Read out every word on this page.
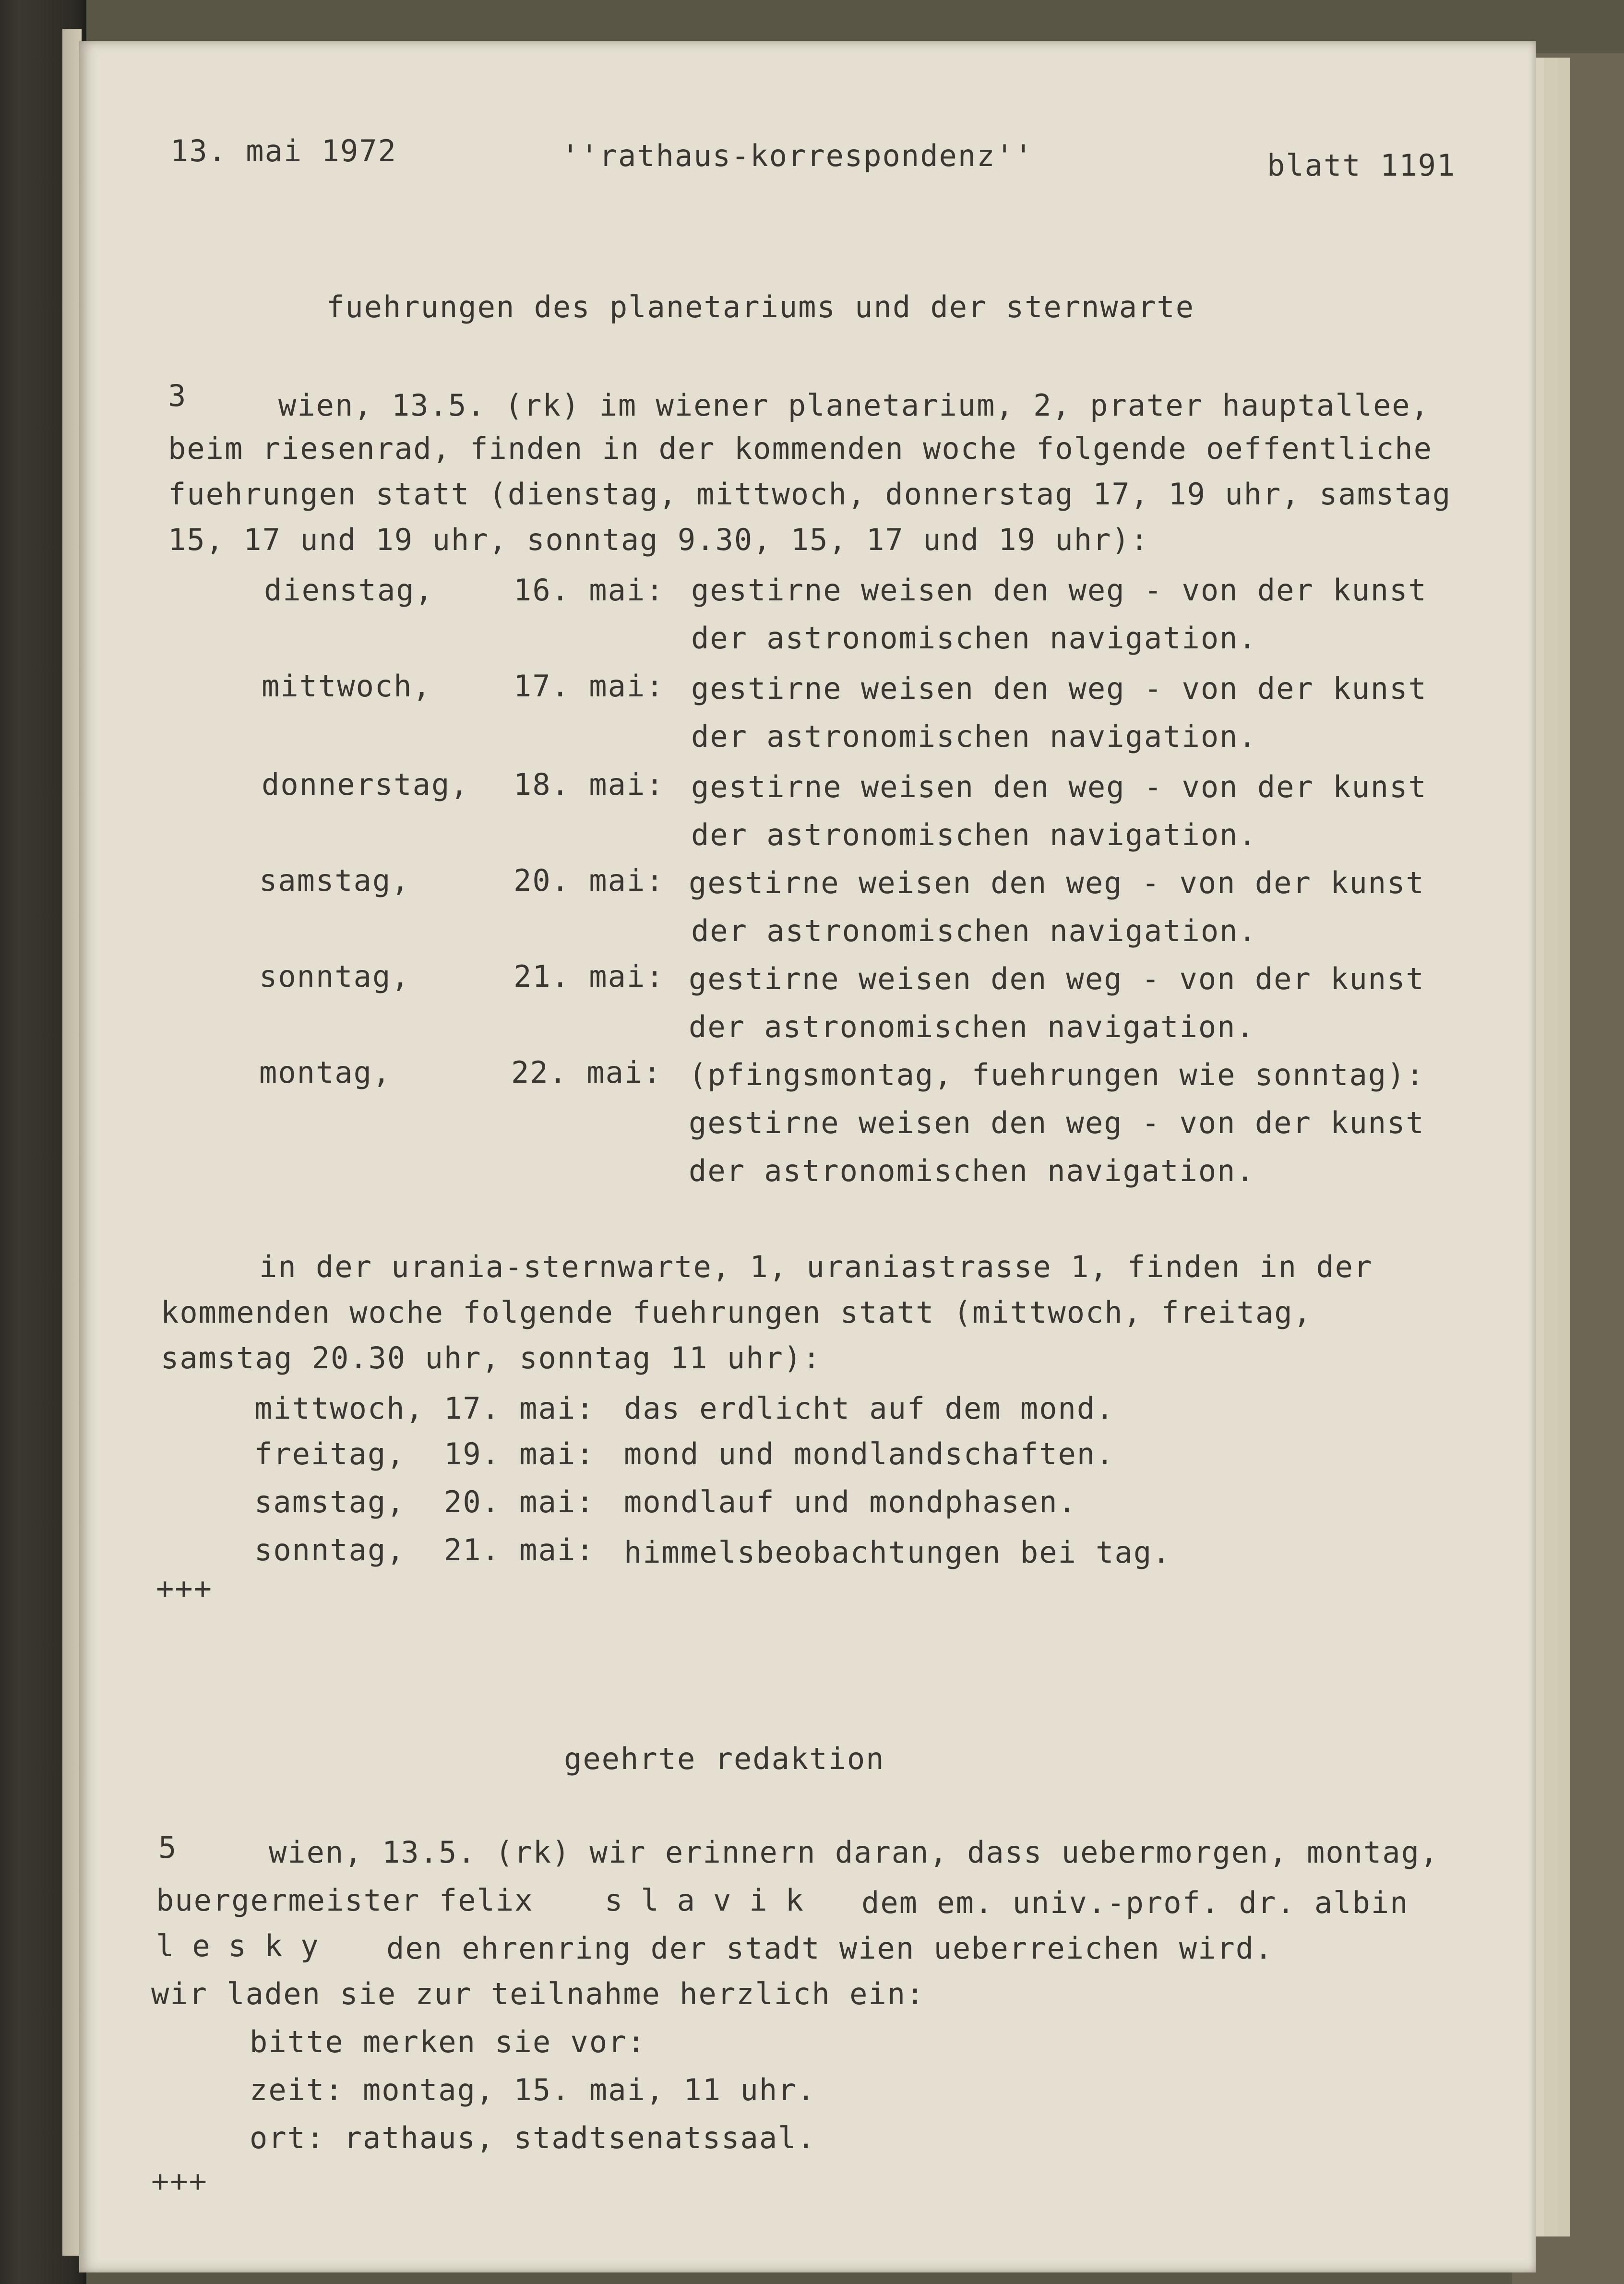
13. mai 1972	''rathaus-korrespondenz''	blatt 1191
fuehrungen des planetariums und der sternwarte
3	wien, 13.5. (rk) im wiener planetarium, 2, prater hauptallee,
beim riesenrad, finden in der kommenden woche folgende oeffentliche
fuehrungen statt (dienstag, mittwoch, donnerstag 17, 19 uhr, samstag
15, 17 und 19 uhr, sonntag 9.30, 15, 17 und 19 uhr):
dienstag,	16. mai: gestirne weisen den weg - von der kunst
der astronomischen navigation.
mittwoch,	17. mai: gestirne weisen den weg - von der kunst
der astronomischen navigation.
donnerstag, 18. mai: gestirne weisen den weg - von der kunst
der astronomischen navigation.
samstag,	20. mai: gestirne weisen den weg - von der kunst
der astronomischen navigation.
sonntag,	21. mai: gestirne weisen den weg - von der kunst
der astronomischen navigation.
montag,	22. mai: (pfingsmontag, fuehrungen wie sonntag):
gestirne weisen den weg - von der kunst
der astronomischen navigation.
in der urania-sternwarte, 1, uraniastrasse 1, finden in der
kommenden woche folgende fuehrungen statt (mittwoch, freitag,
samstag 20.30 uhr, sonntag 11 uhr):
mittwoch, 17. mai: das erdlicht auf dem mond.
freitag, 19. mai: mond und mondlandschaften.
samstag, 20. mai: mondlauf und mondphasen.
sonntag, 21. mai: himmelsbeobachtungen bei tag.
+++
geehrte redaktion
5	wien, 13.5. (rk) wir erinnern daran, dass uebermorgen, montag,
buergermeister felix slavik dem em. univ.-prof. dr. albin
lesky den ehrenring der stadt wien ueberreichen wird.
wir laden sie zur teilnahme herzlich ein:
bitte merken sie vor:
zeit: montag, 15. mai, 11 uhr.
ort: rathaus, stadtsenatssaal.
+++
